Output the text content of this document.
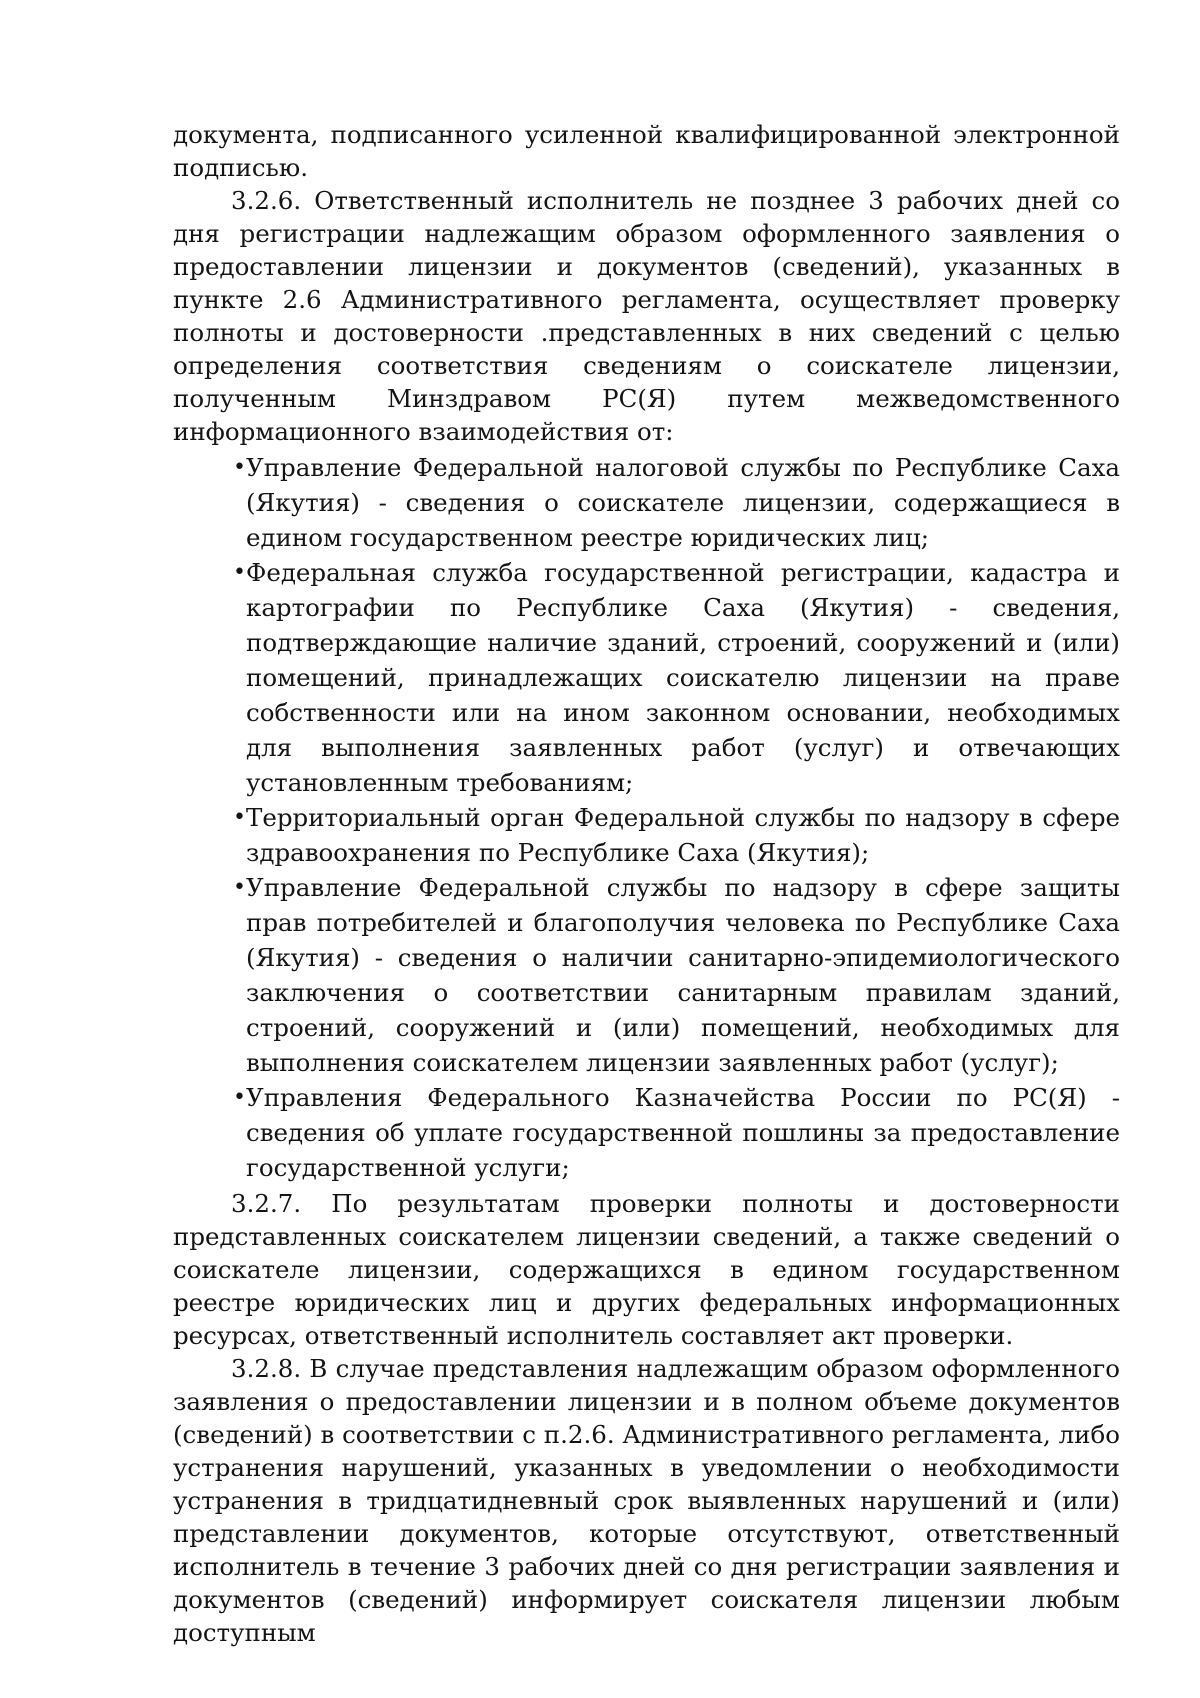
документа, подписанного усиленной квалифицированной электронной подписью.

3.2.6. Ответственный исполнитель не позднее 3 рабочих дней со дня регистрации надлежащим образом оформленного заявления о предоставлении лицензии и документов (сведений), указанных в пункте 2.6 Административного регламента, осуществляет проверку полноты и достоверности .представленных в них сведений с целью определения соответствия сведениям о соискателе лицензии, полученным Минздравом РС(Я) путем межведомственного информационного взаимодействия от:

• Управление Федеральной налоговой службы по Республике Саха (Якутия) - сведения о соискателе лицензии, содержащиеся в едином государственном реестре юридических лиц;
• Федеральная служба государственной регистрации, кадастра и картографии по Республике Саха (Якутия) - сведения, подтверждающие наличие зданий, строений, сооружений и (или) помещений, принадлежащих соискателю лицензии на праве собственности или на ином законном основании, необходимых для выполнения заявленных работ (услуг) и отвечающих установленным требованиям;
• Территориальный орган Федеральной службы по надзору в сфере здравоохранения по Республике Саха (Якутия);
• Управление Федеральной службы по надзору в сфере защиты прав потребителей и благополучия человека по Республике Саха (Якутия) - сведения о наличии санитарно-эпидемиологического заключения о соответствии санитарным правилам зданий, строений, сооружений и (или) помещений, необходимых для выполнения соискателем лицензии заявленных работ (услуг);
• Управления Федерального Казначейства России по РС(Я) - сведения об уплате государственной пошлины за предоставление государственной услуги;

3.2.7. По результатам проверки полноты и достоверности представленных соискателем лицензии сведений, а также сведений о соискателе лицензии, содержащихся в едином государственном реестре юридических лиц и других федеральных информационных ресурсах, ответственный исполнитель составляет акт проверки.

3.2.8. В случае представления надлежащим образом оформленного заявления о предоставлении лицензии и в полном объеме документов (сведений) в соответствии с п.2.6. Административного регламента, либо устранения нарушений, указанных в уведомлении о необходимости устранения в тридцатидневный срок выявленных нарушений и (или) представлении документов, которые отсутствуют, ответственный исполнитель в течение 3 рабочих дней со дня регистрации заявления и документов (сведений) информирует соискателя лицензии любым доступным
